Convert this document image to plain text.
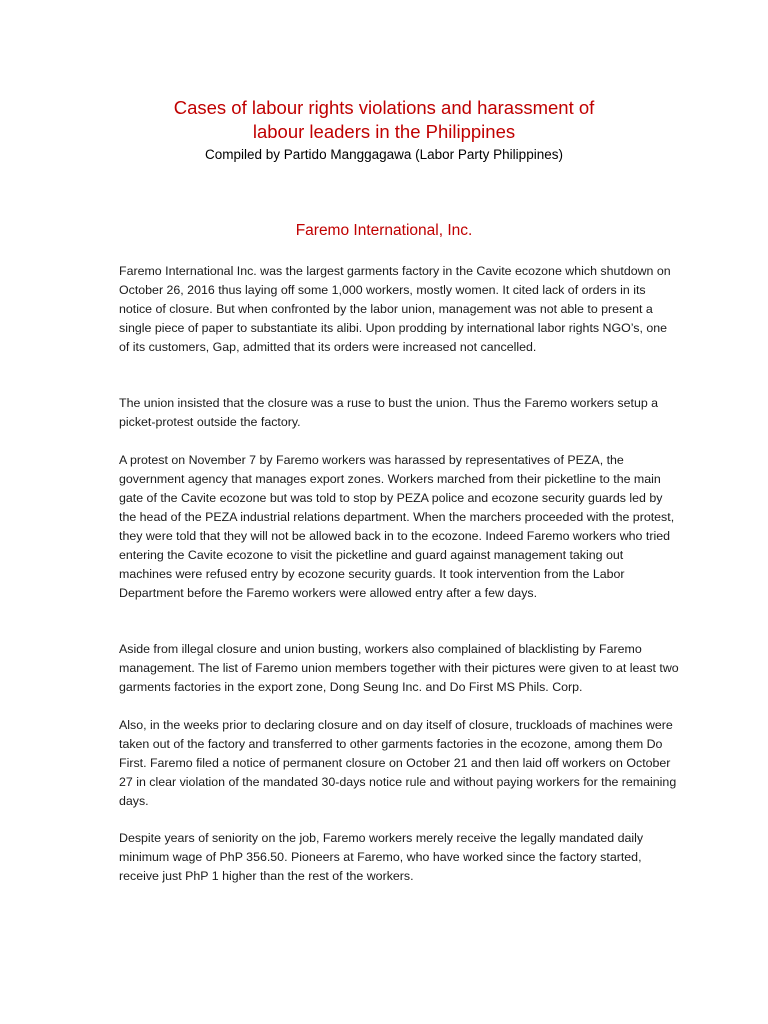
Cases of labour rights violations and harassment of
labour leaders in the Philippines

Compiled by Partido Manggagawa (Labor Party Philippines)

Faremo International, Inc.

Faremo International Inc. was the largest garments factory in the Cavite ecozone which shutdown on October 26, 2016 thus laying off some 1,000 workers, mostly women. It cited lack of orders in its notice of closure. But when confronted by the labor union, management was not able to present a single piece of paper to substantiate its alibi. Upon prodding by international labor rights NGO’s, one of its customers, Gap, admitted that its orders were increased not cancelled.

The union insisted that the closure was a ruse to bust the union. Thus the Faremo workers setup a picket-protest outside the factory.

A protest on November 7 by Faremo workers was harassed by representatives of PEZA, the government agency that manages export zones. Workers marched from their picketline to the main gate of the Cavite ecozone but was told to stop by PEZA police and ecozone security guards led by the head of the PEZA industrial relations department. When the marchers proceeded with the protest, they were told that they will not be allowed back in to the ecozone. Indeed Faremo workers who tried entering the Cavite ecozone to visit the picketline and guard against management taking out machines were refused entry by ecozone security guards. It took intervention from the Labor Department before the Faremo workers were allowed entry after a few days.

Aside from illegal closure and union busting, workers also complained of blacklisting by Faremo management. The list of Faremo union members together with their pictures were given to at least two garments factories in the export zone, Dong Seung Inc. and Do First MS Phils. Corp.

Also, in the weeks prior to declaring closure and on day itself of closure, truckloads of machines were taken out of the factory and transferred to other garments factories in the ecozone, among them Do First. Faremo filed a notice of permanent closure on October 21 and then laid off workers on October 27 in clear violation of the mandated 30-days notice rule and without paying workers for the remaining days.

Despite years of seniority on the job, Faremo workers merely receive the legally mandated daily minimum wage of PhP 356.50. Pioneers at Faremo, who have worked since the factory started, receive just PhP 1 higher than the rest of the workers.
